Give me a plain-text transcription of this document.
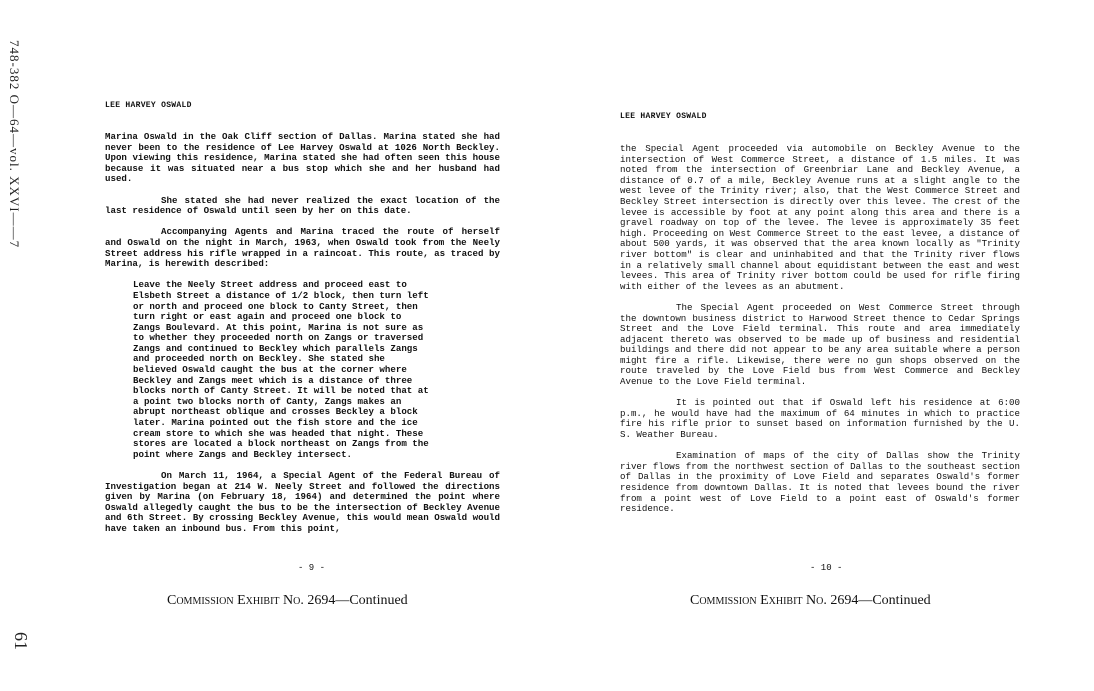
748-382 O—64—vol. XXVI——7
61
LEE HARVEY OSWALD

Marina Oswald in the Oak Cliff section of Dallas. Marina stated she had never been to the residence of Lee Harvey Oswald at 1026 North Beckley. Upon viewing this residence, Marina stated she had often seen this house because it was situated near a bus stop which she and her husband had used.

She stated she had never realized the exact location of the last residence of Oswald until seen by her on this date.

Accompanying Agents and Marina traced the route of herself and Oswald on the night in March, 1963, when Oswald took from the Neely Street address his rifle wrapped in a raincoat. This route, as traced by Marina, is herewith described:

Leave the Neely Street address and proceed east to Elsbeth Street a distance of 1/2 block, then turn left or north and proceed one block to Canty Street, then turn right or east again and proceed one block to Zangs Boulevard. At this point, Marina is not sure as to whether they proceeded north on Zangs or traversed Zangs and continued to Beckley which parallels Zangs and proceeded north on Beckley. She stated she believed Oswald caught the bus at the corner where Beckley and Zangs meet which is a distance of three blocks north of Canty Street. It will be noted that at a point two blocks north of Canty, Zangs makes an abrupt northeast oblique and crosses Beckley a block later. Marina pointed out the fish store and the ice cream store to which she was headed that night. These stores are located a block northeast on Zangs from the point where Zangs and Beckley intersect.

On March 11, 1964, a Special Agent of the Federal Bureau of Investigation began at 214 W. Neely Street and followed the directions given by Marina (on February 18, 1964) and determined the point where Oswald allegedly caught the bus to be the intersection of Beckley Avenue and 6th Street. By crossing Beckley Avenue, this would mean Oswald would have taken an inbound bus. From this point,

- 9 -
Commission Exhibit No. 2694—Continued
LEE HARVEY OSWALD

the Special Agent proceeded via automobile on Beckley Avenue to the intersection of West Commerce Street, a distance of 1.5 miles. It was noted from the intersection of Greenbriar Lane and Beckley Avenue, a distance of 0.7 of a mile, Beckley Avenue runs at a slight angle to the west levee of the Trinity river; also, that the West Commerce Street and Beckley Street intersection is directly over this levee. The crest of the levee is accessible by foot at any point along this area and there is a gravel roadway on top of the levee. The levee is approximately 35 feet high. Proceeding on West Commerce Street to the east levee, a distance of about 500 yards, it was observed that the area known locally as "Trinity river bottom" is clear and uninhabited and that the Trinity river flows in a relatively small channel about equidistant between the east and west levees. This area of Trinity river bottom could be used for rifle firing with either of the levees as an abutment.

The Special Agent proceeded on West Commerce Street through the downtown business district to Harwood Street thence to Cedar Springs Street and the Love Field terminal. This route and area immediately adjacent thereto was observed to be made up of business and residential buildings and there did not appear to be any area suitable where a person might fire a rifle. Likewise, there were no gun shops observed on the route traveled by the Love Field bus from West Commerce and Beckley Avenue to the Love Field terminal.

It is pointed out that if Oswald left his residence at 6:00 p.m., he would have had the maximum of 64 minutes in which to practice fire his rifle prior to sunset based on information furnished by the U. S. Weather Bureau.

Examination of maps of the city of Dallas show the Trinity river flows from the northwest section of Dallas to the southeast section of Dallas in the proximity of Love Field and separates Oswald's former residence from downtown Dallas. It is noted that levees bound the river from a point west of Love Field to a point east of Oswald's former residence.

- 10 -
Commission Exhibit No. 2694—Continued
